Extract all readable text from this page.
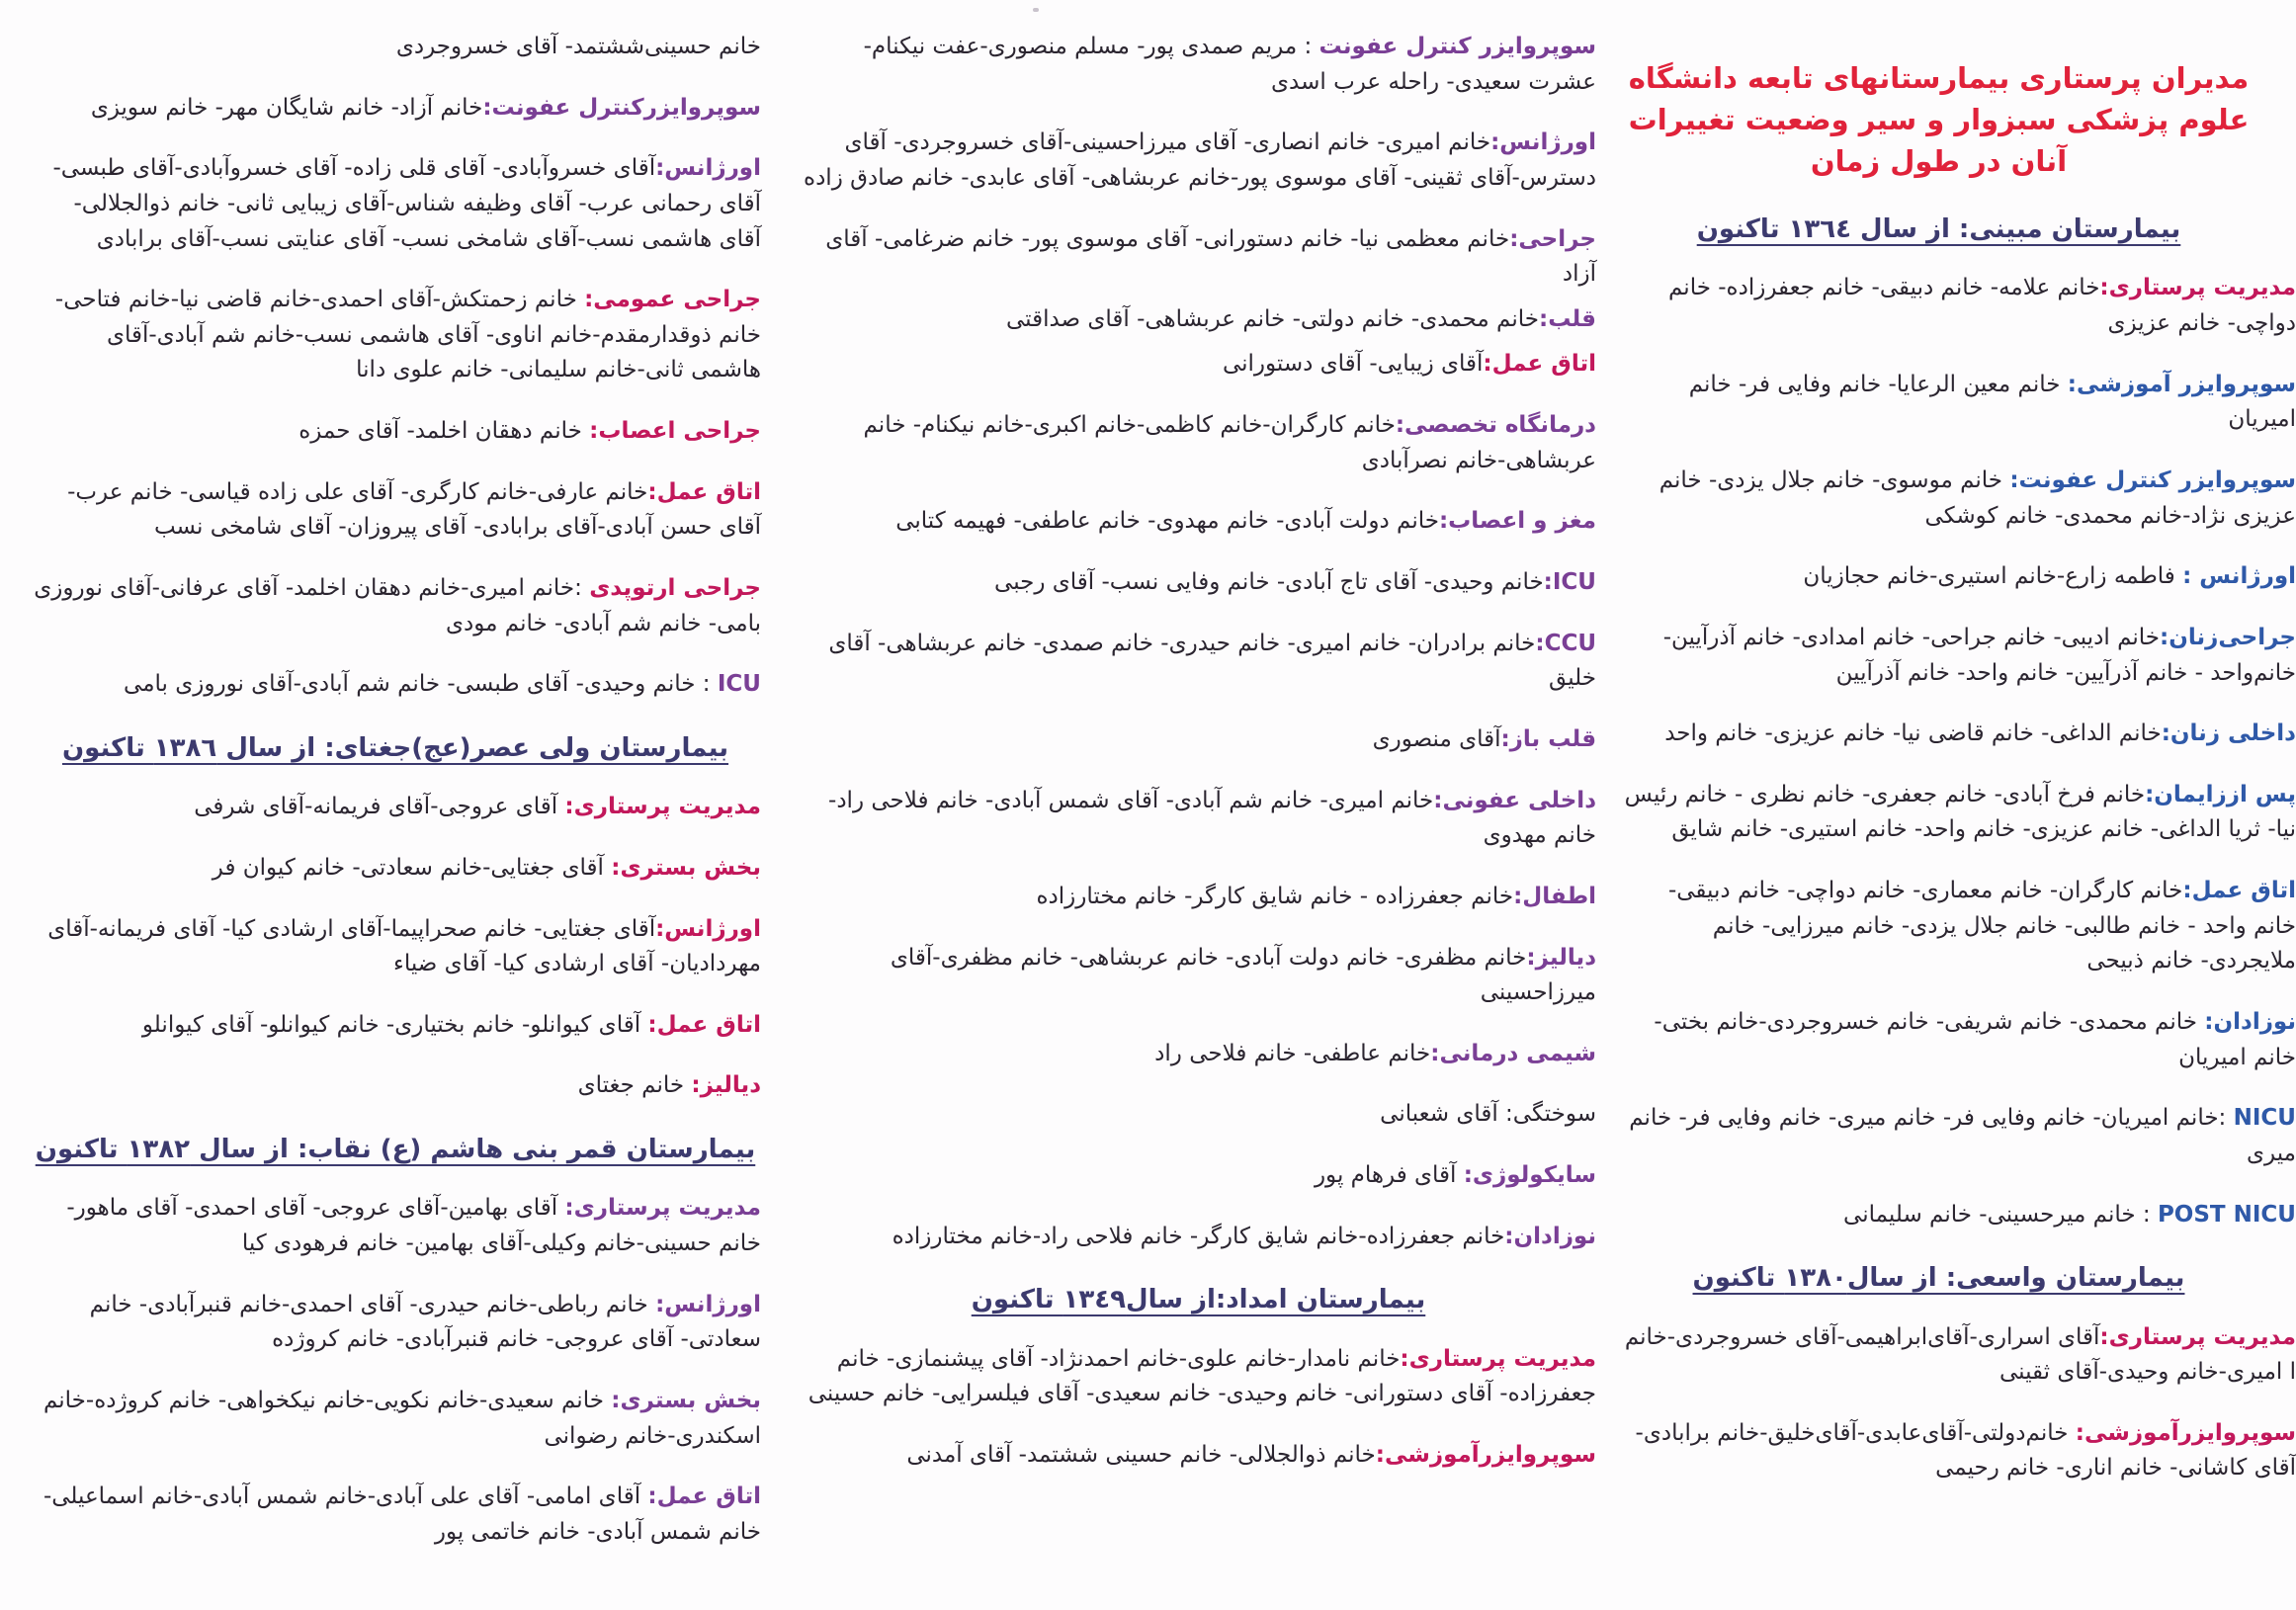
مدیران پرستاری بیمارستانهای تابعه دانشگاه علوم پزشکی سبزوار و سیر وضعیت تغییرات آنان در طول زمان
بیمارستان مبینی: از سال ١٣٦٤ تاکنون
مدیریت پرستاری:خانم علامه- خانم دبیقی- خانم جعفرزاده- خانم دواچی- خانم عزیزی
سوپروایزر آموزشی: خانم معین الرعایا- خانم وفایی فر- خانم امیریان
سوپروایزر کنترل عفونت: خانم موسوی- خانم جلال یزدی- خانم عزیزی نژاد-خانم محمدی- خانم کوشکی
اورژانس : فاطمه زارع-خانم استیری-خانم حجازیان
جراحی‌زنان:خانم ادیبی- خانم جراحی- خانم امدادی- خانم آذرآیین- خانم‌واحد - خانم آذرآیین- خانم واحد- خانم آذرآیین
داخلی زنان:خانم الداغی- خانم قاضی نیا- خانم عزیزی- خانم واحد
پس اززایمان:خانم فرخ آبادی- خانم جعفری- خانم نظری - خانم رئیس نیا- ثریا الداغی- خانم عزیزی- خانم واحد- خانم استیری- خانم شایق
اتاق عمل:خانم کارگران- خانم معماری- خانم دواچی- خانم دبیقی- خانم واحد - خانم طالبی- خانم جلال یزدی- خانم میرزایی- خانم ملایجردی- خانم ذبیحی
نوزادان: خانم محمدی- خانم شریفی- خانم خسروجردی-خانم بختی- خانم امیریان
NICU :خانم امیریان- خانم وفایی فر- خانم میری- خانم وفایی فر- خانم میری
POST NICU : خانم میرحسینی- خانم سلیمانی
بیمارستان واسعی: از سال١٣٨٠ تاکنون
مدیریت پرستاری:آقای اسراری-آقای‌ابراهیمی-آقای خسروجردی-خانم ا امیری-خانم وحیدی-آقای ثقینی
سوپروایزرآموزشی: خانم‌دولتی-آقای‌عابدی-آقای‌خلیق-خانم برابادی- آقای کاشانی- خانم اناری- خانم رحیمی
سوپروایزر کنترل عفونت : مریم صمدی پور- مسلم منصوری-عفت نیکنام- عشرت سعیدی- راحله عرب اسدی
اورژانس:خانم امیری- خانم انصاری- آقای میرزاحسینی-آقای خسروجردی- آقای دسترس-آقای ثقینی- آقای موسوی پور-خانم عربشاهی- آقای عابدی- خانم صادق زاده
جراحی:خانم معظمی نیا- خانم دستورانی- آقای موسوی پور- خانم ضرغامی- آقای آزاد
قلب:خانم محمدی- خانم دولتی- خانم عربشاهی- آقای صداقتی
اتاق عمل:آقای زیبایی- آقای دستورانی
درمانگاه تخصصی:خانم کارگران-خانم کاظمی-خانم اکبری-خانم نیکنام- خانم عربشاهی-خانم نصرآبادی
مغز و اعصاب:خانم دولت آبادی- خانم مهدوی- خانم عاطفی- فهیمه کتابی
ICU:خانم وحیدی- آقای تاج آبادی- خانم وفایی نسب- آقای رجبی
CCU:خانم برادران- خانم امیری- خانم حیدری- خانم صمدی- خانم عربشاهی- آقای خلیق
قلب باز:آقای منصوری
داخلی عفونی:خانم امیری- خانم شم آبادی- آقای شمس آبادی- خانم فلاحی راد- خانم مهدوی
اطفال:خانم جعفرزاده - خانم شایق کارگر- خانم مختارزاده
دیالیز:خانم مظفری- خانم دولت آبادی- خانم عربشاهی- خانم مظفری-آقای میرزاحسینی
شیمی درمانی:خانم عاطفی- خانم فلاحی راد
سوختگی: آقای شعبانی
سایکولوژی: آقای فرهام پور
نوزادان:خانم جعفرزاده-خانم شایق کارگر- خانم فلاحی راد-خانم مختارزاده
بیمارستان امداد:از سال١٣٤٩ تاکنون
مدیریت پرستاری:خانم نامدار-خانم علوی-خانم احمدنژاد- آقای پیشنمازی- خانم جعفرزاده- آقای دستورانی- خانم وحیدی- خانم سعیدی- آقای فیلسرایی- خانم حسینی
سوپروایزرآموزشی:خانم ذوالجلالی- خانم حسینی ششتمد- آقای آمدنی
خانم حسینی‌ششتمد- آقای خسروجردی
سوپروایزرکنترل عفونت:خانم آزاد- خانم شایگان مهر- خانم سویزی
اورژانس:آقای خسروآبادی- آقای قلی زاده- آقای خسروآبادی-آقای طبسی- آقای رحمانی عرب- آقای وظیفه شناس-آقای زیبایی ثانی- خانم ذوالجلالی- آقای هاشمی نسب-آقای شامخی نسب- آقای عنایتی نسب-آقای برابادی
جراحی عمومی: خانم زحمتکش-آقای احمدی-خانم قاضی نیا-خانم فتاحی-خانم ذوقدارمقدم-خانم اناوی- آقای هاشمی نسب-خانم شم آبادی-آقای هاشمی ثانی-خانم سلیمانی- خانم علوی دانا
جراحی اعصاب: خانم دهقان اخلمد- آقای حمزه
اتاق عمل:خانم عارفی-خانم کارگری- آقای علی زاده قیاسی- خانم عرب- آقای حسن آبادی-آقای برابادی- آقای پیروزان- آقای شامخی نسب
جراحی ارتوپدی :خانم امیری-خانم دهقان اخلمد- آقای عرفانی-آقای نوروزی بامی- خانم شم آبادی- خانم مودی
ICU : خانم وحیدی- آقای طبسی- خانم شم آبادی-آقای نوروزی بامی
بیمارستان ولی عصر(عج)جغتای: از سال ١٣٨٦ تاکنون
مدیریت پرستاری: آقای عروجی-آقای فریمانه-آقای شرفی
بخش بستری: آقای جغتایی-خانم سعادتی- خانم کیوان فر
اورژانس:آقای جغتایی- خانم صحراپیما-آقای ارشادی کیا- آقای فریمانه-آقای مهردادیان- آقای ارشادی کیا- آقای ضیاء
اتاق عمل: آقای کیوانلو- خانم بختیاری- خانم کیوانلو- آقای کیوانلو
دیالیز: خانم جغتای
بیمارستان قمر بنی هاشم (ع) نقاب: از سال ١٣٨٢ تاکنون
مدیریت پرستاری: آقای بهامین-آقای عروجی- آقای احمدی- آقای ماهور- خانم حسینی-خانم وکیلی-آقای بهامین- خانم فرهودی کیا
اورژانس: خانم رباطی-خانم حیدری- آقای احمدی-خانم قنبرآبادی- خانم سعادتی- آقای عروجی- خانم قنبرآبادی- خانم کروژده
بخش بستری: خانم سعیدی-خانم نکویی-خانم نیکخواهی- خانم کروژده-خانم اسکندری-خانم رضوانی
اتاق عمل: آقای امامی- آقای علی آبادی-خانم شمس آبادی-خانم اسماعیلی-خانم شمس آبادی- خانم خاتمی پور
